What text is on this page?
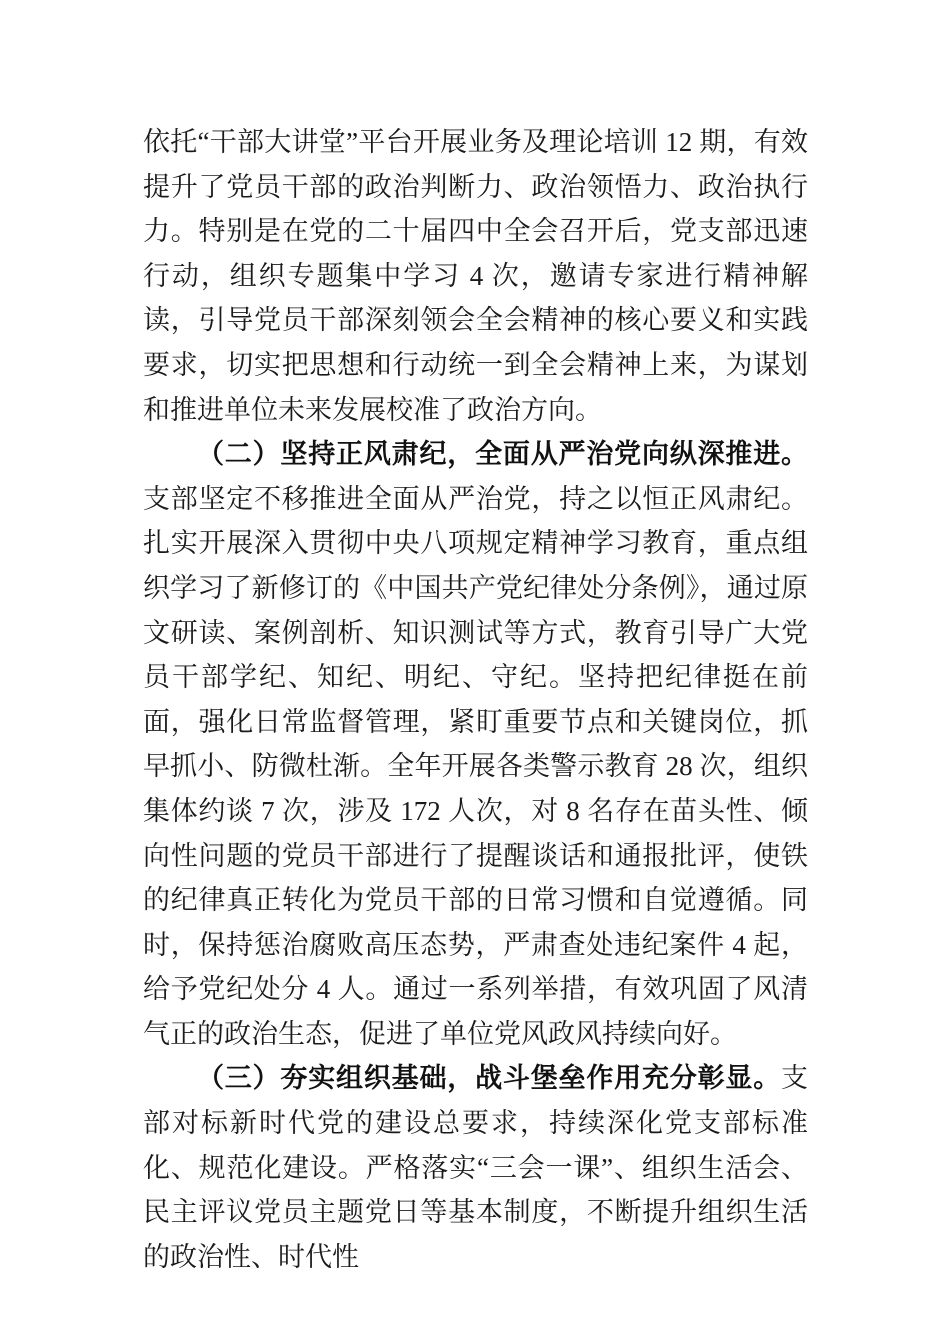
依托“干部大讲堂”平台开展业务及理论培训 12 期，有效提升了党员干部的政治判断力、政治领悟力、政治执行力。特别是在党的二十届四中全会召开后，党支部迅速行动，组织专题集中学习 4 次，邀请专家进行精神解读，引导党员干部深刻领会全会精神的核心要义和实践要求，切实把思想和行动统一到全会精神上来，为谋划和推进单位未来发展校准了政治方向。

（二）坚持正风肃纪，全面从严治党向纵深推进。支部坚定不移推进全面从严治党，持之以恒正风肃纪。扎实开展深入贯彻中央八项规定精神学习教育，重点组织学习了新修订的《中国共产党纪律处分条例》，通过原文研读、案例剖析、知识测试等方式，教育引导广大党员干部学纪、知纪、明纪、守纪。坚持把纪律挺在前面，强化日常监督管理，紧盯重要节点和关键岗位，抓早抓小、防微杜渐。全年开展各类警示教育 28 次，组织集体约谈 7 次，涉及 172 人次，对 8 名存在苗头性、倾向性问题的党员干部进行了提醒谈话和通报批评，使铁的纪律真正转化为党员干部的日常习惯和自觉遵循。同时，保持惩治腐败高压态势，严肃查处违纪案件 4 起，给予党纪处分 4 人。通过一系列举措，有效巩固了风清气正的政治生态，促进了单位党风政风持续向好。

（三）夯实组织基础，战斗堡垒作用充分彰显。支部对标新时代党的建设总要求，持续深化党支部标准化、规范化建设。严格落实“三会一课”、组织生活会、民主评议党员主题党日等基本制度，不断提升组织生活的政治性、时代性
